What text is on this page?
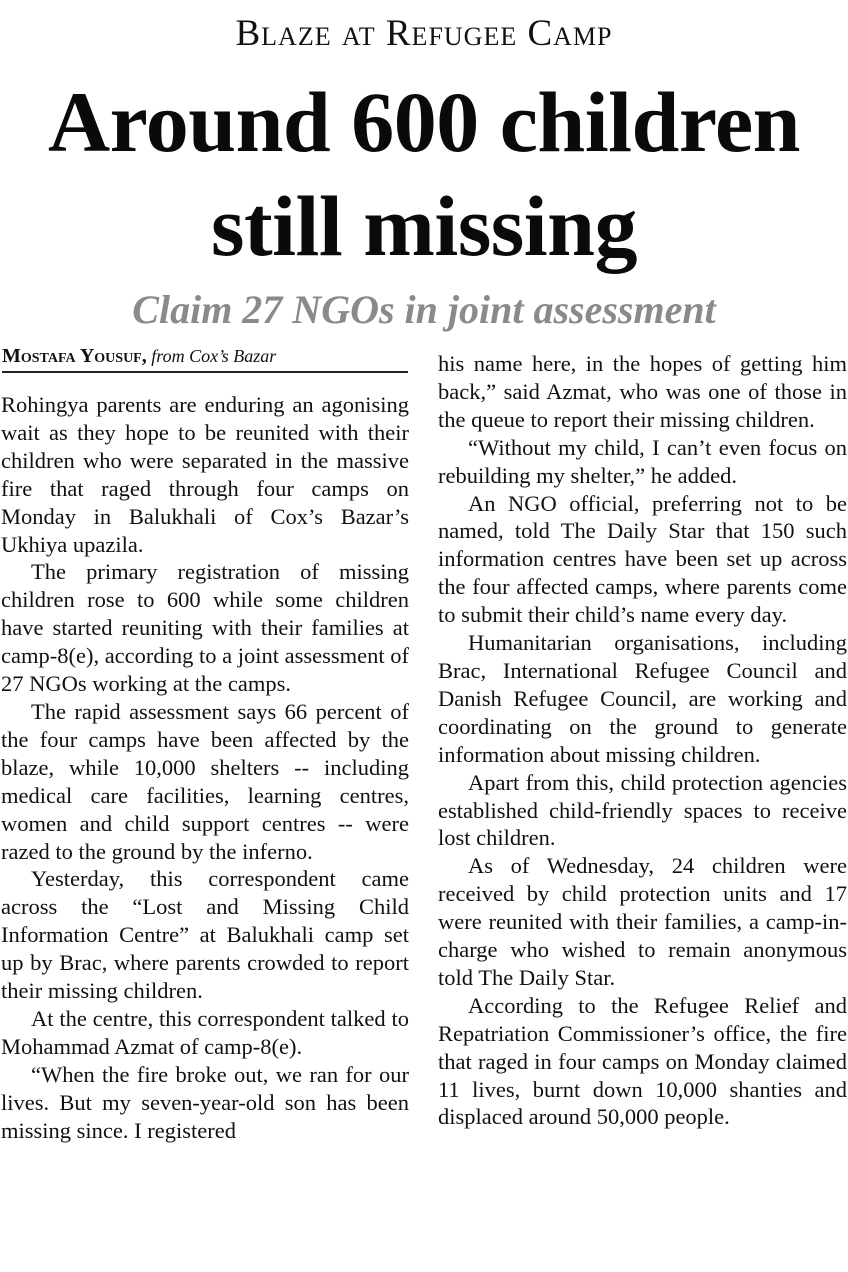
Blaze at Refugee Camp
Around 600 children
still missing
Claim 27 NGOs in joint assessment
Mostafa Yousuf, from Cox’s Bazar

Rohingya parents are enduring an agonising wait as they hope to be reunited with their children who were separated in the massive fire that raged through four camps on Monday in Balukhali of Cox’s Bazar’s Ukhiya upazila.

The primary registration of missing children rose to 600 while some children have started reuniting with their families at camp-8(e), according to a joint assessment of 27 NGOs working at the camps.

The rapid assessment says 66 percent of the four camps have been affected by the blaze, while 10,000 shelters -- including medical care facilities, learning centres, women and child support centres -- were razed to the ground by the inferno.

Yesterday, this correspondent came across the “Lost and Missing Child Information Centre” at Balukhali camp set up by Brac, where parents crowded to report their missing children.

At the centre, this correspondent talked to Mohammad Azmat of camp-8(e).

“When the fire broke out, we ran for our lives. But my seven-year-old son has been missing since. I registered

his name here, in the hopes of getting him back,” said Azmat, who was one of those in the queue to report their missing children.

“Without my child, I can’t even focus on rebuilding my shelter,” he added.

An NGO official, preferring not to be named, told The Daily Star that 150 such information centres have been set up across the four affected camps, where parents come to submit their child’s name every day.

Humanitarian organisations, including Brac, International Refugee Council and Danish Refugee Council, are working and coordinating on the ground to generate information about missing children.

Apart from this, child protection agencies established child-friendly spaces to receive lost children.

As of Wednesday, 24 children were received by child protection units and 17 were reunited with their families, a camp-in-charge who wished to remain anonymous told The Daily Star.

According to the Refugee Relief and Repatriation Commissioner’s office, the fire that raged in four camps on Monday claimed 11 lives, burnt down 10,000 shanties and displaced around 50,000 people.
